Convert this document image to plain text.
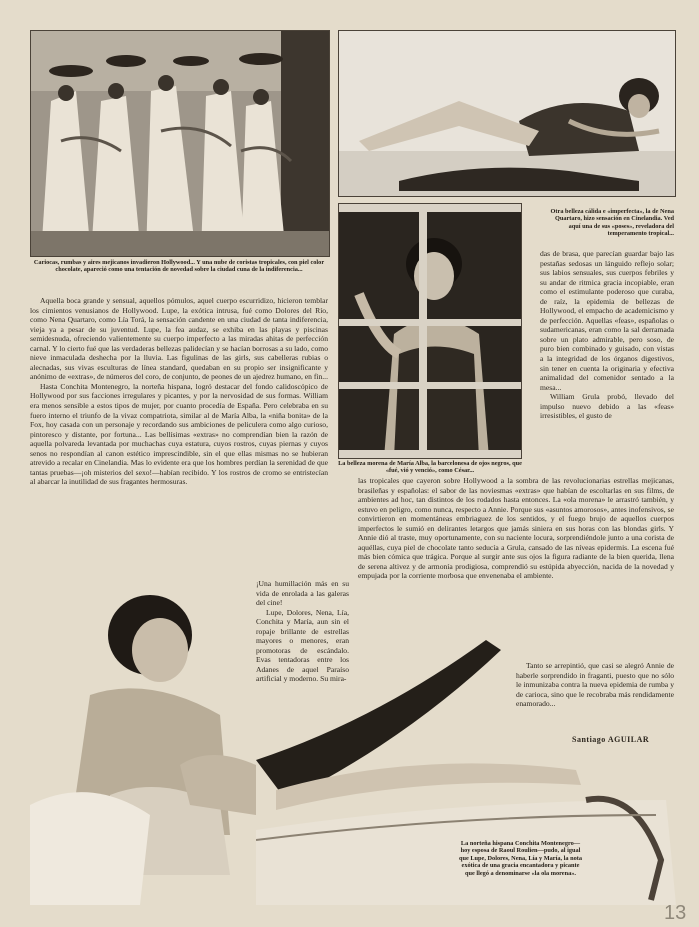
Cariocas, rumbas y aires mejicanos invadieron Hollywood... Y una nube de coristas tropicales, con piel color chocolate, apareció como una tentación de novedad sobre la ciudad cuna de la indiferencia...
Otra belleza cálida e «imperfecta», la de Nena Quartaro, hizo sensación en Cinelandia. Ved aquí una de sus «poses», reveladora del temperamento tropical...
La belleza morena de María Alba, la barcelonesa de ojos negros, que «fué, vió y venció», como César...

Aquella boca grande y sensual, aquellos pómulos, aquel cuerpo escurridizo, hicieron temblar los cimientos venusianos de Hollywood. Lupe, la exótica intrusa, fué como Dolores del Río, como Nena Quartaro, como Lía Torá, la sensación candente en una ciudad de tanta indiferencia, vieja ya a pesar de su juventud. Lupe, la fea audaz, se exhiba en las playas y piscinas semidesnuda, ofreciendo valientemente su cuerpo imperfecto a las miradas ahitas de perfección carnal. Y lo cierto fué que las verdaderas bellezas palidecían y se hacían borrosas a su lado, como nieve inmaculada deshecha por la lluvia. Las figulinas de las girls, sus cabelleras rubias o alecnadas, sus vivas esculturas de línea standard, quedaban en su propio ser insignificante y anónimo de «extras», de números del coro, de conjunto, de peones de un ajedrez humano, en fin...

Hasta Conchita Montenegro, la norteña hispana, logró destacar del fondo calidoscópico de Hollywood por sus facciones irregulares y picantes, y por la nervosidad de sus formas. William era menos sensible a estos tipos de mujer, por cuanto procedía de España. Pero celebraba en su fuero interno el triunfo de la vivaz compatriota, similar al de María Alba, la «niña bonita» de la Fox, hoy casada con un personaje y recordando sus ambiciones de peliculera como algo curioso, pintoresco y distante, por fortuna... Las bellísimas «extras» no comprendían bien la razón de aquella polvareda levantada por muchachas cuya estatura, cuyos rostros, cuyas piernas y cuyos senos no respondían al canon estético imprescindible, sin el que ellas mismas no se hubieran atrevido a recalar en Cinelandia. Mas lo evidente era que los hombres perdían la serenidad de que tantas pruebas—¡oh misterios del sexo!—habían recibido. Y los rostros de cromo se entristecían al abarcar la inutilidad de sus fragantes hermosuras.

¡Una humillación más en su vida de enrolada a las galeras del cine!

Lupe, Dolores, Nena, Lía, Conchita y María, aun sin el ropaje brillante de estrellas mayores o menores, eran promotoras de escándalo. Evas tentadoras entre los Adanes de aquel Paraíso artificial y moderno. Su mira-

das de brasa, que parecían guardar bajo las pestañas sedosas un lánguido reflejo solar; sus labios sensuales, sus cuerpos febriles y su andar de ritmica gracia incopiable, eran como el estimulante poderoso que curaba, de raíz, la epidemia de bellezas de Hollywood, el empacho de academicismo y de perfección. Aquellas «feas», españolas o sudamericanas, eran como la sal derramada sobre un plato admirable, pero soso, de puro bien combinado y guisado, con vistas a la integridad de los órganos digestivos, sin tener en cuenta la originaria y efectiva animalidad del comenidor sentado a la mesa...

William Grula probó, llevado del impulso nuevo debido a las «feas» irresistibles, el gusto de

las tropicales que cayeron sobre Hollywood a la sombra de las revolucionarias estrellas mejicanas, brasileñas y españolas: el sabor de las noviesmas «extras» que habían de escoltarlas en sus films, de ambientes ad hoc, tan distintos de los rodados hasta entonces. La «ola morena» le arrastró también, y estuvo en peligro, como nunca, respecto a Annie. Porque sus «asuntos amorosos», antes inofensivos, se convirtieron en momentáneas embriaguez de los sentidos, y el fuego brujo de aquellos cuerpos imperfectos le sumió en delirantes letargos que jamás siniera en sus horas con las blondas girls. Y Annie dió al traste, muy oportunamente, con su naciente locura, sorprendiéndole junto a una corista de aquéllas, cuya piel de chocolate tanto seducía a Grula, cansado de las níveas epidermis. La escena fué más bien cómica que trágica. Porque al surgir ante sus ojos la figura radiante de la bien querida, llena de serena altivez y de armonía prodigiosa, comprendió su estúpida abyección, nacida de la novedad y empujada por la corriente morbosa que envenenaba el ambiente.

Tanto se arrepintió, que casi se alegró Annie de haberle sorprendido in fraganti, puesto que no sólo le inmunizaba contra la nueva epidemia de rumba y de carioca, sino que le recobraba más rendidamente enamorado...

Santiago AGUILAR
La norteña hispana Conchita Montenegro—hoy esposa de Raoul Roulien—pudo, al igual que Lupe, Dolores, Nena, Lía y María, la nota exótica de una gracia encantadora y picante que llegó a denominarse «la ola morena».
13
